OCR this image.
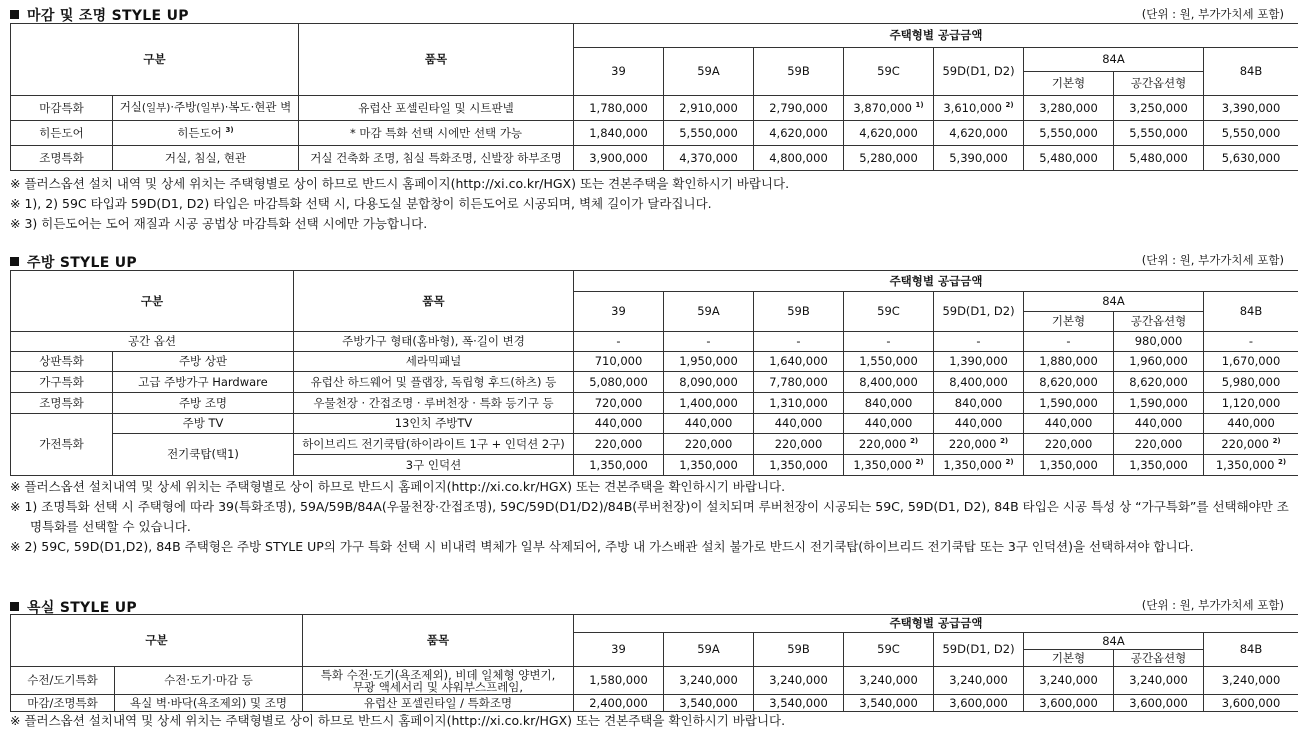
마감 및 조명 STYLE UP	(단위 : 원, 부가가치세 포함)
구분		품목	주택형별 공급금액							
			39	59A	59B	59C	59D(D1, D2)	84A		84B
								기본형	공간옵션형	
마감특화	거실(일부)·주방(일부)·복도·현관 벽	유럽산 포셀린타일 및 시트판넬	1,780,000	2,910,000	2,790,000	3,870,000 $^{1)}$	3,610,000 $^{2)}$	3,280,000	3,250,000	3,390,000
히든도어	히든도어 $^{3)}$	* 마감 특화 선택 시에만 선택 가능	1,840,000	5,550,000	4,620,000	4,620,000	4,620,000	5,550,000	5,550,000	5,550,000
조명특화	거실, 침실, 현관	거실 건축화 조명, 침실 특화조명, 신발장 하부조명	3,900,000	4,370,000	4,800,000	5,280,000	5,390,000	5,480,000	5,480,000	5,630,000
※ 플러스옵션 설치 내역 및 상세 위치는 주택형별로 상이 하므로 반드시 홈페이지(http://xi.co.kr/HGX) 또는 견본주택을 확인하시기 바랍니다.
※ 1), 2) 59C 타입과 59D(D1, D2) 타입은 마감특화 선택 시, 다용도실 분합창이 히든도어로 시공되며, 벽체 길이가 달라집니다.
※ 3) 히든도어는 도어 재질과 시공 공법상 마감특화 선택 시에만 가능합니다.
주방 STYLE UP	(단위 : 원, 부가가치세 포함)
구분		품목	주택형별 공급금액							
			39	59A	59B	59C	59D(D1, D2)	84A		84B
								기본형	공간옵션형	
공간 옵션		주방가구 형태(홈바형), 폭·길이 변경	-	-	-	-	-	-	980,000	-
상판특화	주방 상판	세라믹패널	710,000	1,950,000	1,640,000	1,550,000	1,390,000	1,880,000	1,960,000	1,670,000
가구특화	고급 주방가구 Hardware	유럽산 하드웨어 및 플랩장, 독립형 후드(하츠) 등	5,080,000	8,090,000	7,780,000	8,400,000	8,400,000	8,620,000	8,620,000	5,980,000
조명특화	주방 조명	우물천장 · 간접조명 · 루버천장 · 특화 등기구 등	720,000	1,400,000	1,310,000	840,000	840,000	1,590,000	1,590,000	1,120,000
가전특화	주방 TV	13인치 주방TV	440,000	440,000	440,000	440,000	440,000	440,000	440,000	440,000
	전기쿡탑(택1)	하이브리드 전기쿡탑(하이라이트 1구 + 인덕션 2구)	220,000	220,000	220,000	220,000 $^{2)}$	220,000 $^{2)}$	220,000	220,000	220,000 $^{2)}$
		3구 인덕션	1,350,000	1,350,000	1,350,000	1,350,000 $^{2)}$	1,350,000 $^{2)}$	1,350,000	1,350,000	1,350,000 $^{2)}$
※ 플러스옵션 설치내역 및 상세 위치는 주택형별로 상이 하므로 반드시 홈페이지(http://xi.co.kr/HGX) 또는 견본주택을 확인하시기 바랍니다.
※ 1) 조명특화 선택 시 주택형에 따라 39(특화조명), 59A/59B/84A(우물천장·간접조명), 59C/59D(D1/D2)/84B(루버천장)이 설치되며 루버천장이 시공되는 59C, 59D(D1, D2), 84B 타입은 시공 특성 상 “가구특화”를 선택해야만 조명특화를 선택할 수 있습니다.
※ 2) 59C, 59D(D1,D2), 84B 주택형은 주방 STYLE UP의 가구 특화 선택 시 비내력 벽체가 일부 삭제되어, 주방 내 가스배관 설치 불가로 반드시 전기쿡탑(하이브리드 전기쿡탑 또는 3구 인덕션)을 선택하셔야 합니다.
욕실 STYLE UP	(단위 : 원, 부가가치세 포함)
구분		품목	주택형별 공급금액							
			39	59A	59B	59C	59D(D1, D2)	84A		84B
								기본형	공간옵션형	
수전/도기특화	수전·도기·마감 등	특화 수전·도기(욕조제외), 비데 일체형 양변기,
무광 액세서리 및 샤워부스프레임,	1,580,000	3,240,000	3,240,000	3,240,000	3,240,000	3,240,000	3,240,000	3,240,000
마감/조명특화	욕실 벽·바닥(욕조제외) 및 조명	유럽산 포셀린타일 / 특화조명	2,400,000	3,540,000	3,540,000	3,540,000	3,600,000	3,600,000	3,600,000	3,600,000
※ 플러스옵션 설치내역 및 상세 위치는 주택형별로 상이 하므로 반드시 홈페이지(http://xi.co.kr/HGX) 또는 견본주택을 확인하시기 바랍니다.
